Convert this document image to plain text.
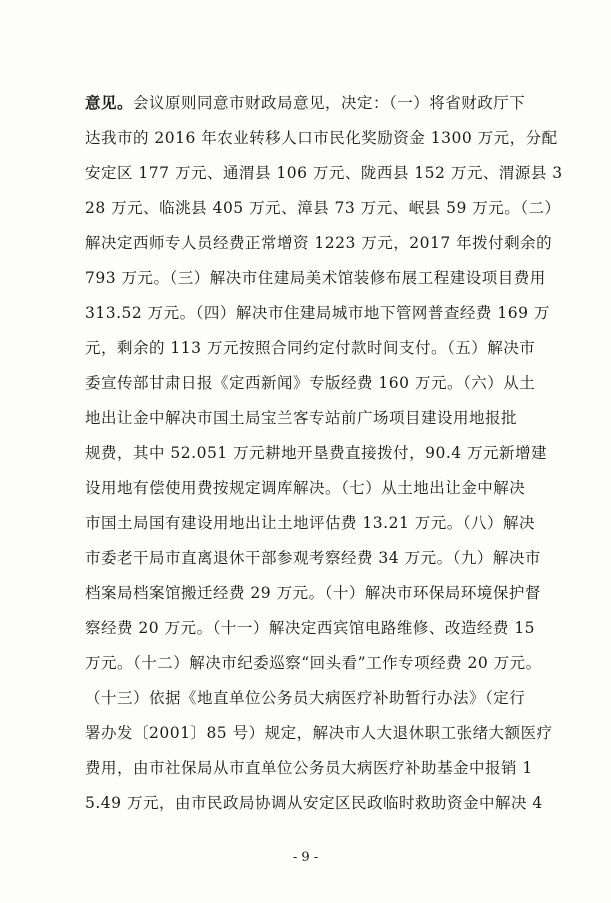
意见。会议原则同意市财政局意见，决定：（一）将省财政厅下
达我市的 2016 年农业转移人口市民化奖励资金 1300 万元，分配
安定区 177 万元、通渭县 106 万元、陇西县 152 万元、渭源县 3
28 万元、临洮县 405 万元、漳县 73 万元、岷县 59 万元。（二）
解决定西师专人员经费正常增资 1223 万元，2017 年拨付剩余的
793 万元。（三）解决市住建局美术馆装修布展工程建设项目费用
313.52 万元。（四）解决市住建局城市地下管网普查经费 169 万
元，剩余的 113 万元按照合同约定付款时间支付。（五）解决市
委宣传部甘肃日报《定西新闻》专版经费 160 万元。（六）从土
地出让金中解决市国土局宝兰客专站前广场项目建设用地报批
规费，其中 52.051 万元耕地开垦费直接拨付，90.4 万元新增建
设用地有偿使用费按规定调库解决。（七）从土地出让金中解决
市国土局国有建设用地出让土地评估费 13.21 万元。（八）解决
市委老干局市直离退休干部参观考察经费 34 万元。（九）解决市
档案局档案馆搬迁经费 29 万元。（十）解决市环保局环境保护督
察经费 20 万元。（十一）解决定西宾馆电路维修、改造经费 15
万元。（十二）解决市纪委巡察“回头看”工作专项经费 20 万元。
（十三）依据《地直单位公务员大病医疗补助暂行办法》（定行
署办发〔2001〕85 号）规定，解决市人大退休职工张绪大额医疗
费用，由市社保局从市直单位公务员大病医疗补助基金中报销 1
5.49 万元，由市民政局协调从安定区民政临时救助资金中解决 4
- 9 -
